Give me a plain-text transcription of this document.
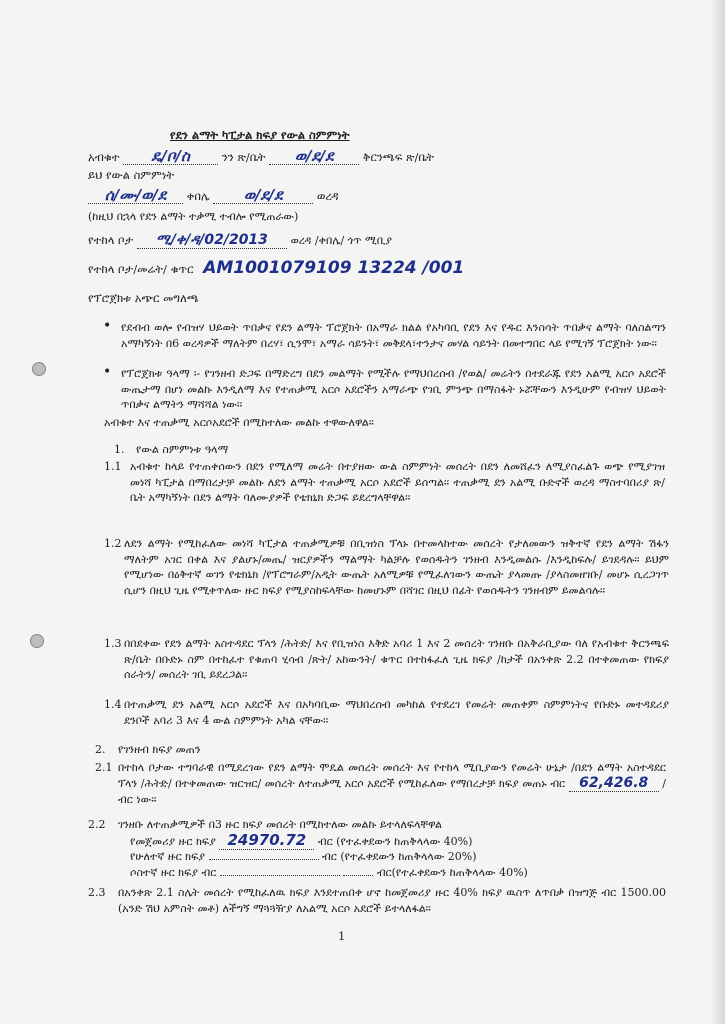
የደን ልማት ካፒታል ክፍያ የውል ስምምነት
አብቁተ ዴ/ቦ/ስ	ንን ጽ/ቤት ወ/ደ/ደ	ቅርንጫፍ ጽ/ቤት
ይህ የውል ስምምነት
ሰ/ሙ/ወ/ደ ቀበሌ ወ/ደ/ደ	ወረዳ
(ከዚህ በኋላ የደን ልማት ተቃሚ ተብሎ የሚጠራው)
የተከላ ቦታ ሚ/ቀ/ዳ/02/2013 ወረዳ /ቀበሌ/ ጎጥ ሚቢያ
የተከላ ቦታ/መሬት/ ቁጥር AM1001079109 13224 /001
የፕሮጀክቱ አጭር መግለጫ
• የደብብ ወሎ የብዝሃ ህይወት ጥበቃና የደን ልማት ፕሮጀክት በአማራ ክልል የአካባቢ የደን እና የዱር እንስሳት ጥበቃና ልማት ባለስልጣን አማካኝነት በ6 ወረዳዎች ማለትም በረሃ፣ ሲንሞ፣ አማራ ሳይንት፣ መቅደላ፣ተንታና መሃል ሳይንት በመተግበር ላይ የሚገኝ ፕሮጀክት ነው፡፡
• የፕሮጀክቱ ዓላማ ፡- የገንዘብ ድጋፍ በማድረግ በደን መልማት የሚችሉ የማህበረሰብ /የወል/ መሬትን በተደራጁ የደን አልሚ አርሶ አደሮች ውጤታማ በሆነ መልኩ እንዲለማ እና የተጠቃሚ አርሶ አደሮችን አማራጭ የገቢ ምንጭ በማስፋት ኑሯቸውን እንዲሁም የብዝሃ ህይወት ጥበቃና ልማትን ማሻሻል ነው፡፡
አብቁተ እና ተጠቃሚ አርሶአደሮች በሚከተለው መልኩ ተዋውለዋል፡፡
1. የውል ስምምነቱ ዓላማ
1.1 አብቁተ ከላይ የተጠቀሰውን በደን የሚለማ መሬት በተያዘው ውል ስምምነት መሰረት በደን ለመሸፈን ለሚያስፈልጉ ወጭ የሚያገዝ መነሻ ካፒታል በማበረታቻ መልኩ ለደን ልማት ተጠቃሚ አርሶ አደሮች ይሰጣል፡፡ ተጠቃሚ ደን አልሚ ቡድኖች ወረዳ ማስተባበሪያ ጽ/ቤት አማካኝነት በደን ልማት ባለሙያዎች የቴክኒክ ድጋፍ ይደረግላቸዋል፡፡
1.2 ለደን ልማት የሚከፈለው መነሻ ካፒታል ተጠቃሚዎቹ በቢዝነስ ፕላኑ በተመላከተው መሰረት የታለመውን ዝቅተኛ የደን ልማት ሽፋን ማለትም አገር በቀል እና ያልሆኑ/መጤ/ ዝርያዎችን ማልማት ካልቻሉ የወሰዱትን ገንዘብ እንዲመልሱ /እንዲከፍሉ/ ይገደዳሉ፡፡ ይህም የሚሆነው በዕቅተኛ ወገን የቴክኒክ /የፕሮግራም/አዲት ውጤት አለሚዎቹ የሚፈለገውን ውጤት ያላመጡ /ያላስመዘገቡ/ መሆኑ ሲረጋገጥ ሲሆን በዚህ ጊዜ የሚቀጥለው ዙር ክፍያ የሚያስከፍላቸው ከመሆኑም በሻገር በዚህ በፊት የወሰዱትን ገንዘብም ይመልሳሉ፡፡
1.3 በበደቀው የደን ልማት አስተዳደር ፕላን /ሕትድ/ እና የቢዝነስ እቅድ አባሪ 1 እና 2 መሰረት ገንዘቡ በአቅራቢያው ባለ የአብቁተ ቅርንጫፍ ጽ/ቤት በቡድኑ ስም በተከፈተ የቁጠባ ሂሳብ /ጽት/ አከውንት/ ቁጥር በተከፋፈለ ጊዜ ክፍያ /ከታች በአንቀጽ 2.2 በተቀመጠው የክፍያ ሰራትን/ መሰረት ገቢ ይደረጋል፡፡
1.4 በተጠቃሚ ደን አልሚ አርሶ አደሮች እና በአካባቢው ማህበረሰብ መካከል የተደረገ የመሬት መጠቀም ስምምነትና የቡድኑ መተዳደሪያ ደንቦች አባሪ 3 እና 4 ውል ስምምነት አካል ናቸው፡፡
2. የገንዘብ ክፍያ መጠን
2.1 በተከላ ቦታው ተግባራዊ በሚደረገው የደን ልማት ሞዴል መሰረት መሰረት እና የተከላ ሚቢያውን የመሬት ሁኔታ /በደን ልማት አስተዳደር ፕላን /ሕትድ/ በተቀመጠው ዝርዝር/ መሰረት ለተጠቃሚ አርሶ አደሮች የሚከፈለው የማበረታቻ ክፍያ መጠኑ ብር 62,426.8 / ብር ነው፡፡
2.2 ገንዘቡ ለተጠቃሚዎች በ3 ዙር ክፍያ መሰረት በሚከተለው መልኩ ይተላለፍላቸዋል
የመጀመሪያ ዙር ክፍያ 24970.72 ብር (የተፈቀደውን ከጠቅላላው 40%)
የሁለተኛ ዙር ክፍያ	ብር (የተፈቀደውን ከጠቅላላው 20%)
ሶስተኛ ዙር ክፍያ ብር	ብር(የተፈቀደውን ከጠቅላላው 40%)
2.3 በአንቀጽ 2.1 ስሌት መሰረት የሚከፈለዉ ክፍያ እንደተጠበቀ ሆኖ ከመጀመሪያ ዙር 40% ክፍያ ዉስጥ ለጥበቃ በዝግጅ ብር 1500.00 (አንድ ሽህ አምስት መቶ) ለችግኝ ማጓጓዥያ ለአልሚ አርሶ አደሮች ይተላለፋል፡፡
1
